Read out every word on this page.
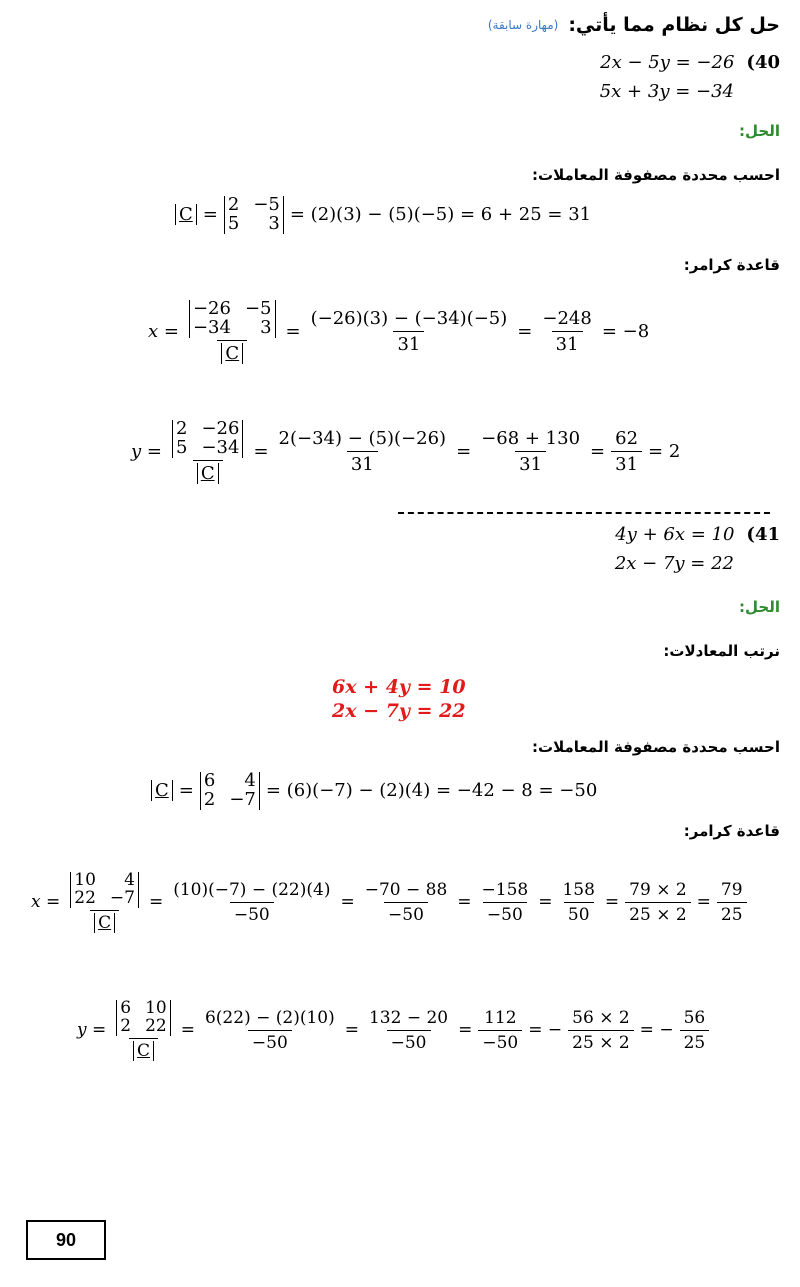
حل كل نظام مما يأتي:
(مهارة سابقة)
2x − 5y = −26 (40
5x + 3y = −34
الحل:
احسب محددة مصفوفة المعاملات:
C = 2 −5
5	3 = (2)(3) − (5)(−5) = 6 + 25 = 31
قاعدة كرامر:
x = −26 −5
−34	3
$C = \frac{(-26)(3) - (-34)(-5)}{31} = \frac{-248}{31} = -8$
y = 2 −26
5 −34
$C = \frac{2(-34) - (5)(-26)}{31} = \frac{-68 + 130}{31} = \frac{62}{31} = 2$
4y + 6x = 10 (41
2x − 7y = 22
الحل:
نرتب المعادلات:
6x + 4y = 10
2x − 7y = 22
احسب محددة مصفوفة المعاملات:
C = 6	4
2 −7 = (6)(−7) − (2)(4) = −42 − 8 = −50
قاعدة كرامر:
x = 10	4
22 −7
$C = \frac{(10)(-7) - (22)(4)}{-50} = \frac{-70 - 88}{-50} = \frac{-158}{-50} = \frac{158}{50} = \frac{79 \times 2}{25 \times 2} = \frac{79}{25}$
y = 6 10
2 22
$C = \frac{6(22) - (2)(10)}{-50} = \frac{132 - 20}{-50} = \frac{112}{-50}$ = − $\frac{56 \times 2}{25 \times 2}$ = − $\frac{56}{25}$
90
